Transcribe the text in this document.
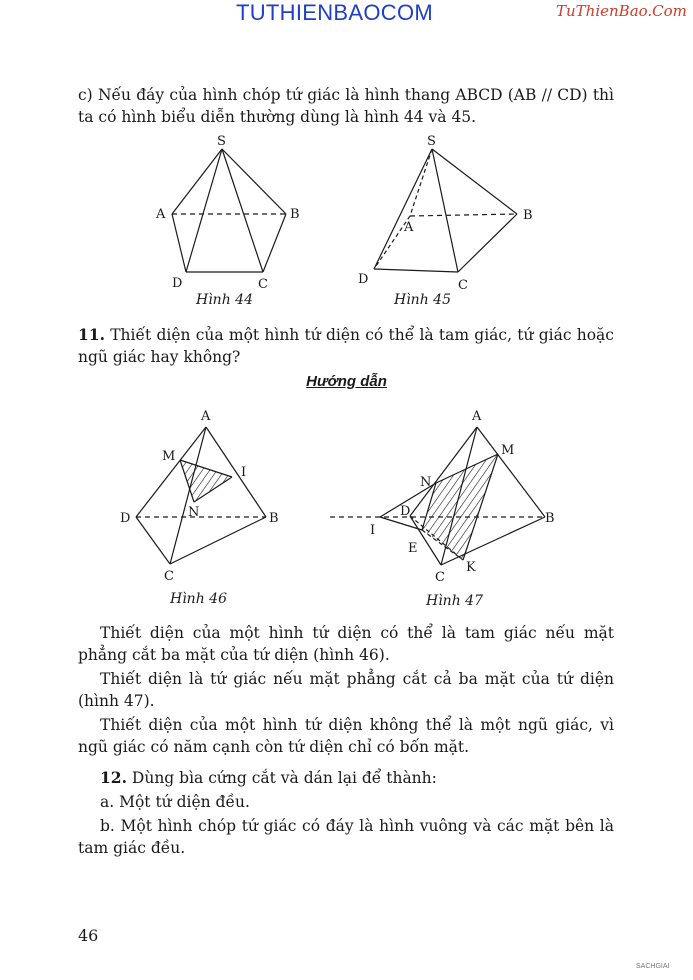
TUTHIENBAOCOM	TuThienBao.Com

c) Nếu đáy của hình chóp tứ giác là hình thang ABCD (AB // CD) thì ta có hình biểu diễn thường dùng là hình 44 và 45.

S
A	B
C
D
Hình 44
S
A
B
C
D
Hình 45

11. Thiết diện của một hình tứ diện có thể là tam giác, tứ giác hoặc ngũ giác hay không?

Hướng dẫn
A
M
I
N
D	B
C
Hình 46
A
M
N
D
I
E
B
C
K
Hình 47

Thiết diện của một hình tứ diện có thể là tam giác nếu mặt phẳng cắt ba mặt của tứ diện (hình 46).

Thiết diện là tứ giác nếu mặt phẳng cắt cả ba mặt của tứ diện (hình 47).

Thiết diện của một hình tứ diện không thể là một ngũ giác, vì ngũ giác có năm cạnh còn tứ diện chỉ có bốn mặt.

12. Dùng bìa cứng cắt và dán lại để thành:

a. Một tứ diện đều.

b. Một hình chóp tứ giác có đáy là hình vuông và các mặt bên là tam giác đều.

46
SACHGIAI
